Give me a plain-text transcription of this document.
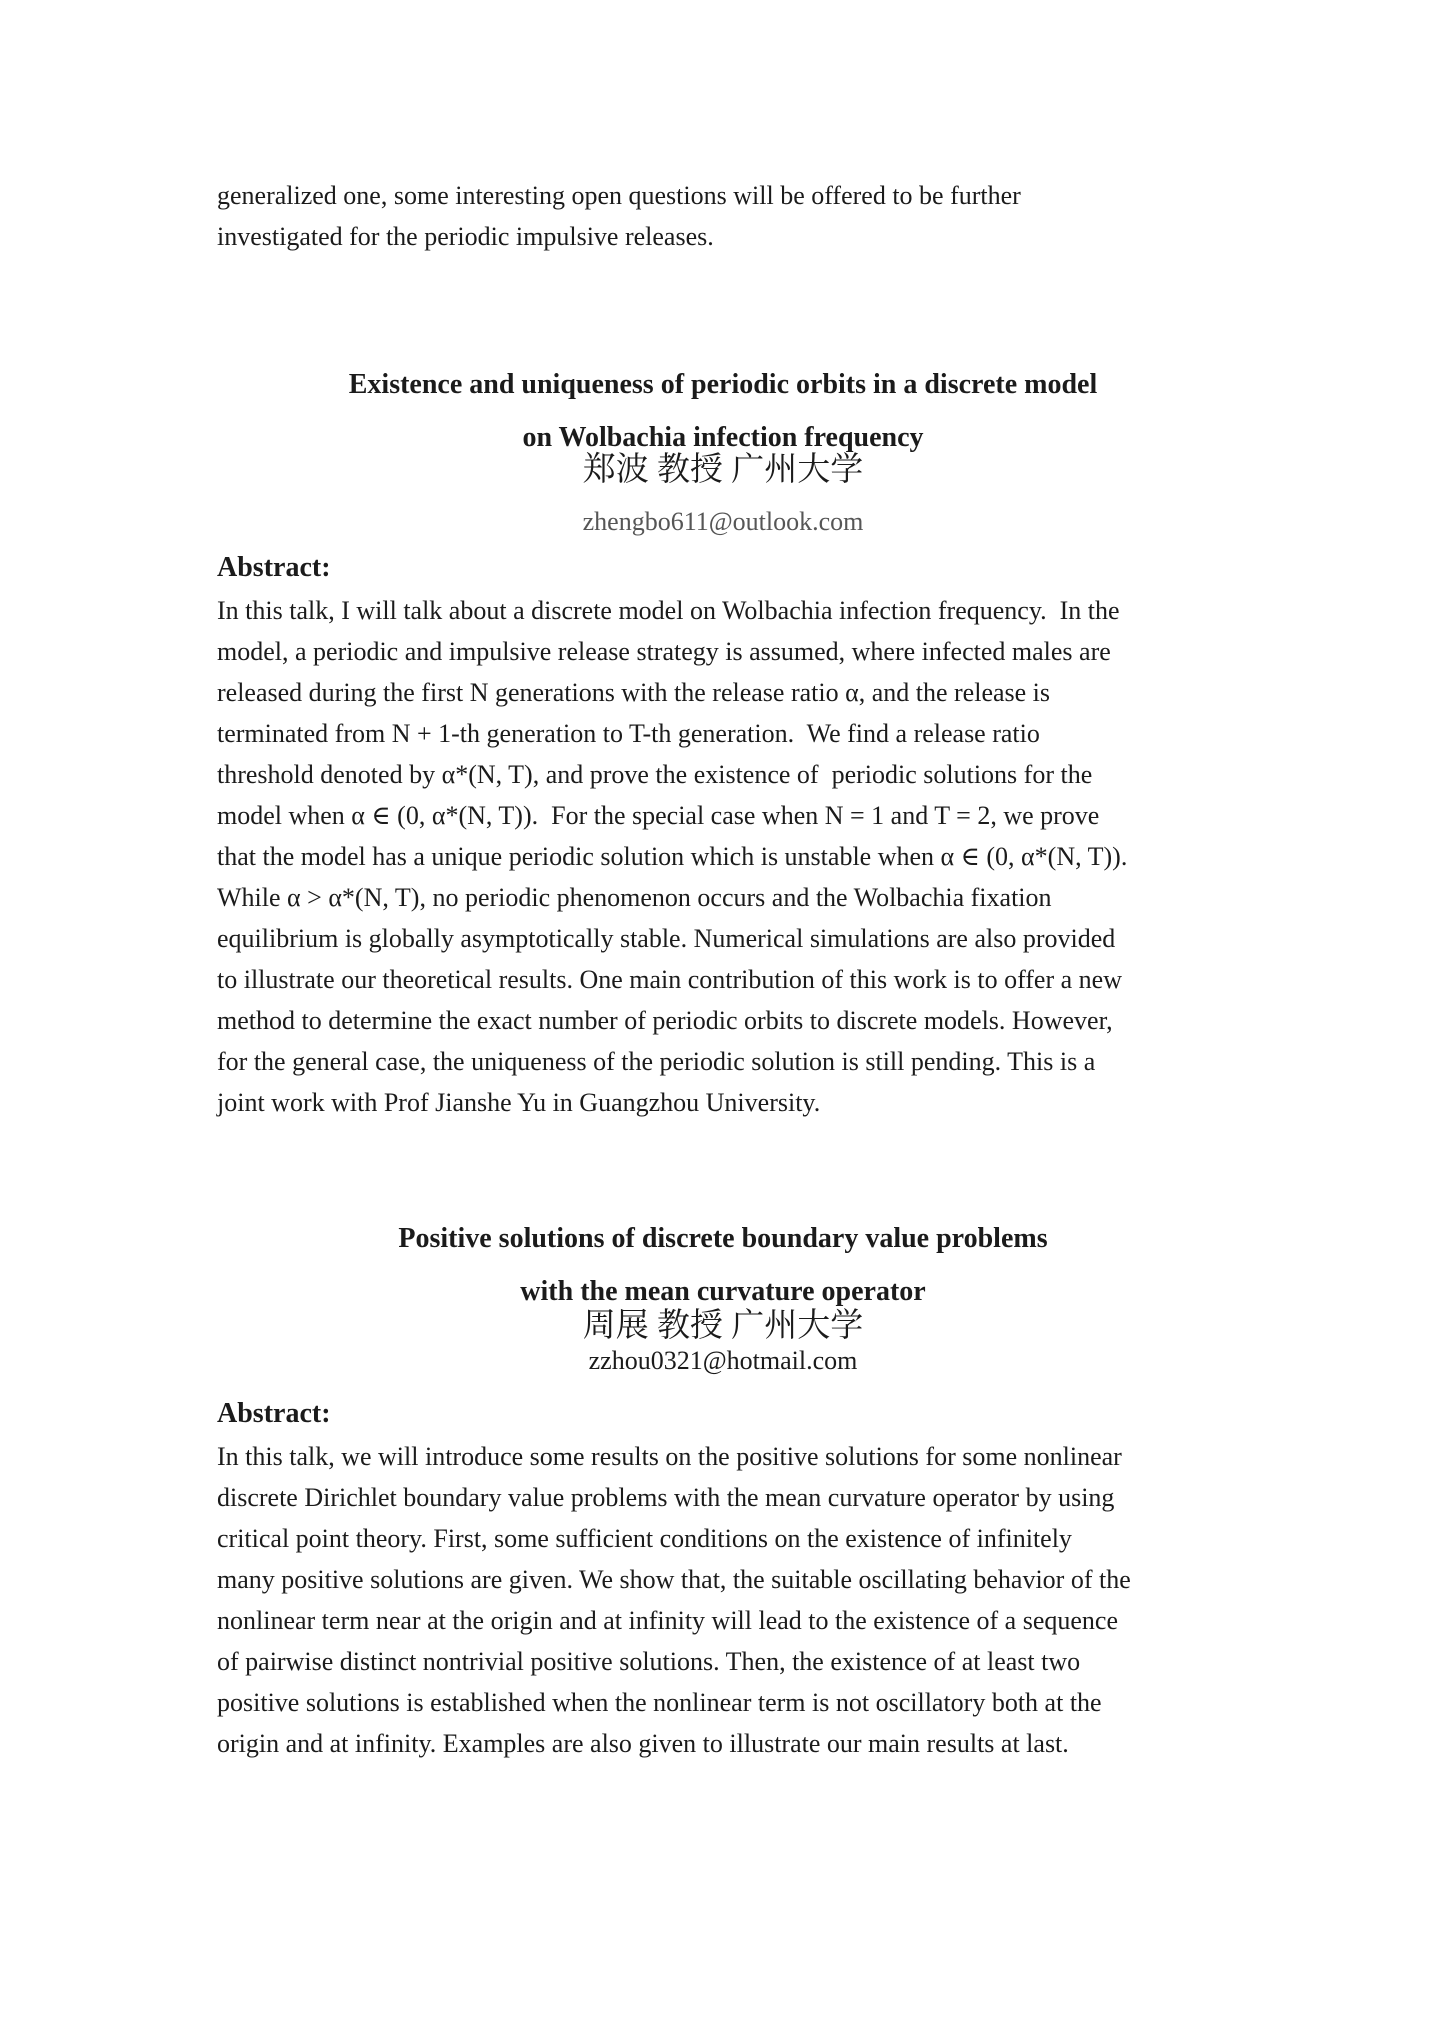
generalized one, some interesting open questions will be offered to be further
investigated for the periodic impulsive releases.
Existence and uniqueness of periodic orbits in a discrete model
on Wolbachia infection frequency
郑波 教授 广州大学
zhengbo611@outlook.com
Abstract:
In this talk, I will talk about a discrete model on Wolbachia infection frequency.  In the
model, a periodic and impulsive release strategy is assumed, where infected males are
released during the first N generations with the release ratio α, and the release is
terminated from N + 1-th generation to T-th generation.  We find a release ratio
threshold denoted by α*(N, T), and prove the existence of  periodic solutions for the
model when α ∈ (0, α*(N, T)).  For the special case when N = 1 and T = 2, we prove
that the model has a unique periodic solution which is unstable when α ∈ (0, α*(N, T)).
While α > α*(N, T), no periodic phenomenon occurs and the Wolbachia fixation
equilibrium is globally asymptotically stable. Numerical simulations are also provided
to illustrate our theoretical results. One main contribution of this work is to offer a new
method to determine the exact number of periodic orbits to discrete models. However,
for the general case, the uniqueness of the periodic solution is still pending. This is a
joint work with Prof Jianshe Yu in Guangzhou University.
Positive solutions of discrete boundary value problems
with the mean curvature operator
周展 教授 广州大学
zzhou0321@hotmail.com
Abstract:
In this talk, we will introduce some results on the positive solutions for some nonlinear
discrete Dirichlet boundary value problems with the mean curvature operator by using
critical point theory. First, some sufficient conditions on the existence of infinitely
many positive solutions are given. We show that, the suitable oscillating behavior of the
nonlinear term near at the origin and at infinity will lead to the existence of a sequence
of pairwise distinct nontrivial positive solutions. Then, the existence of at least two
positive solutions is established when the nonlinear term is not oscillatory both at the
origin and at infinity. Examples are also given to illustrate our main results at last.
